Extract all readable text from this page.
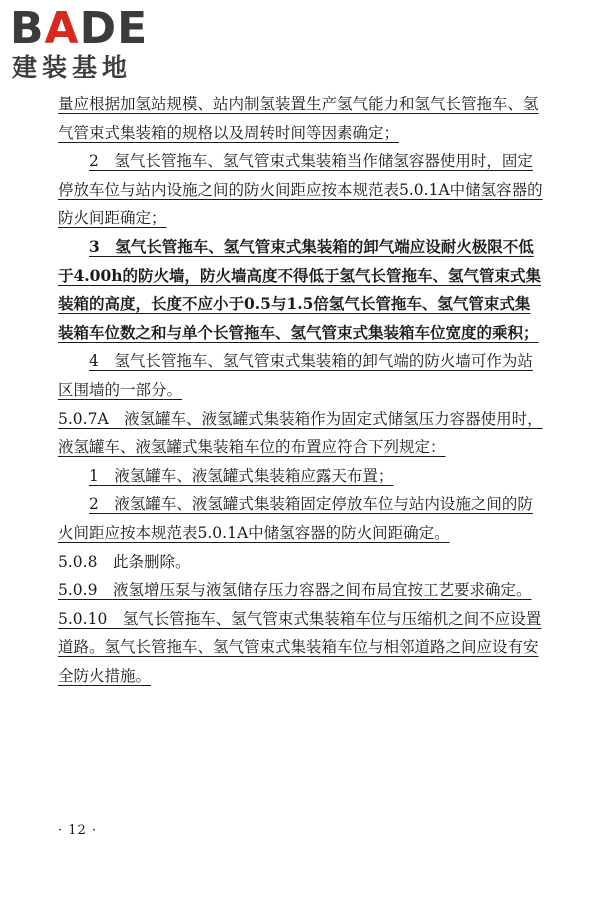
BADE
建装基地

量应根据加氢站规模、站内制氢装置生产氢气能力和氢气长管拖车、氢气管束式集装箱的规格以及周转时间等因素确定；

2　氢气长管拖车、氢气管束式集装箱当作储氢容器使用时，固定停放车位与站内设施之间的防火间距应按本规范表5.0.1A中储氢容器的防火间距确定；

3　氢气长管拖车、氢气管束式集装箱的卸气端应设耐火极限不低于4.00h的防火墙，防火墙高度不得低于氢气长管拖车、氢气管束式集装箱的高度，长度不应小于0.5与1.5倍氢气长管拖车、氢气管束式集装箱车位数之和与单个长管拖车、氢气管束式集装箱车位宽度的乘积；

4　氢气长管拖车、氢气管束式集装箱的卸气端的防火墙可作为站区围墙的一部分。

5.0.7A　液氢罐车、液氢罐式集装箱作为固定式储氢压力容器使用时，液氢罐车、液氢罐式集装箱车位的布置应符合下列规定：

1　液氢罐车、液氢罐式集装箱应露天布置；

2　液氢罐车、液氢罐式集装箱固定停放车位与站内设施之间的防火间距应按本规范表5.0.1A中储氢容器的防火间距确定。

5.0.8　此条删除。

5.0.9　液氢增压泵与液氢储存压力容器之间布局宜按工艺要求确定。

5.0.10　氢气长管拖车、氢气管束式集装箱车位与压缩机之间不应设置道路。氢气长管拖车、氢气管束式集装箱车位与相邻道路之间应设有安全防火措施。

· 12 ·
